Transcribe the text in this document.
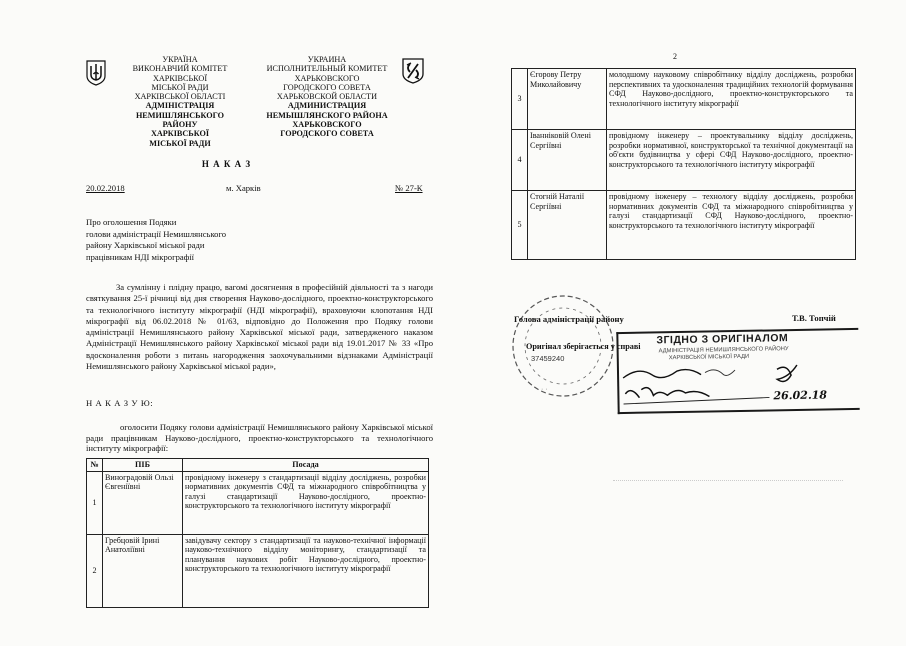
УКРАЇНА
ВИКОНАВЧИЙ КОМІТЕТ
ХАРКІВСЬКОЇ
МІСЬКОЇ РАДИ
ХАРКІВСЬКОЇ ОБЛАСТІ
АДМІНІСТРАЦІЯ
НЕМИШЛЯНСЬКОГО РАЙОНУ
ХАРКІВСЬКОЇ
МІСЬКОЇ РАДИ
УКРАИНА
ИСПОЛНИТЕЛЬНЫЙ КОМИТЕТ
ХАРЬКОВСКОГО
ГОРОДСКОГО СОВЕТА
ХАРЬКОВСКОЙ ОБЛАСТИ
АДМИНИСТРАЦИЯ
НЕМЫШЛЯНСКОГО РАЙОНА
ХАРЬКОВСКОГО
ГОРОДСКОГО СОВЕТА
Н А К А З
20.02.2018	м. Харків	№ 27-К
Про оголошення Подяки
голови адміністрації Немишлянського
району Харківської міської ради
працівникам НДІ мікрографії
За сумлінну і плідну працю, вагомі досягнення в професійній діяльності та з нагоди святкування 25-ї річниці від дня створення Науково-дослідного, проектно-конструкторського та технологічного інституту мікрографії (НДІ мікрографії), враховуючи клопотання НДІ мікрографії від 06.02.2018 № 01/63, відповідно до Положення про Подяку голови адміністрації Немишлянського району Харківської міської ради, затвердженого наказом Адміністрації Немишлянського району Харківської міської ради від 19.01.2017 № 33 «Про вдосконалення роботи з питань нагородження заохочувальними відзнаками Адміністрації Немишлянського району Харківської міської ради»,
Н А К А З У Ю:
оголосити Подяку голови адміністрації Немишлянського району Харківської міської ради працівникам Науково-дослідного, проектно-конструкторського та технологічного інституту мікрографії:
№	ПІБ	Посада
1	Виноградовій Ользі Євгеніївні	провідному інженеру з стандартизації відділу досліджень, розробки нормативних документів СФД та міжнародного співробітництва у галузі стандартизації Науково-дослідного, проектно-конструкторського та технологічного інституту мікрографії
2	Гребцовій Ірині Анатоліївні	завідувачу сектору з стандартизації та науково-технічної інформації науково-технічного відділу моніторингу, стандартизації та планування наукових робіт Науково-дослідного, проектно-конструкторського та технологічного інституту мікрографії
2
3	Єгорову Петру Миколайовичу	молодшому науковому співробітнику відділу досліджень, розробки перспективних та удосконалення традиційних технологій формування СФД Науково-дослідного, проектно-конструкторського та технологічного інституту мікрографії
4	Іванніковій Олені Сергіївні	провідному інженеру – проектувальнику відділу досліджень, розробки нормативної, конструкторської та технічної документації на об'єкти будівництва у сфері СФД Науково-дослідного, проектно-конструкторського та технологічного інституту мікрографії
5	Стогній Наталії Сергіївні	провідному інженеру – технологу відділу досліджень, розробки нормативних документів СФД та міжнародного співробітництва у галузі стандартизації СФД Науково-дослідного, проектно-конструкторського та технологічного інституту мікрографії
· ·
37459240
Голова адміністрації району	Т.В. Топчій
Оригінал зберігається у справі
ЗГІДНО З ОРИГІНАЛОМ
АДМІНІСТРАЦІЯ НЕМИШЛЯНСЬКОГО РАЙОНУ
ХАРКІВСЬКОЇ МІСЬКОЇ РАДИ
26.02.18
